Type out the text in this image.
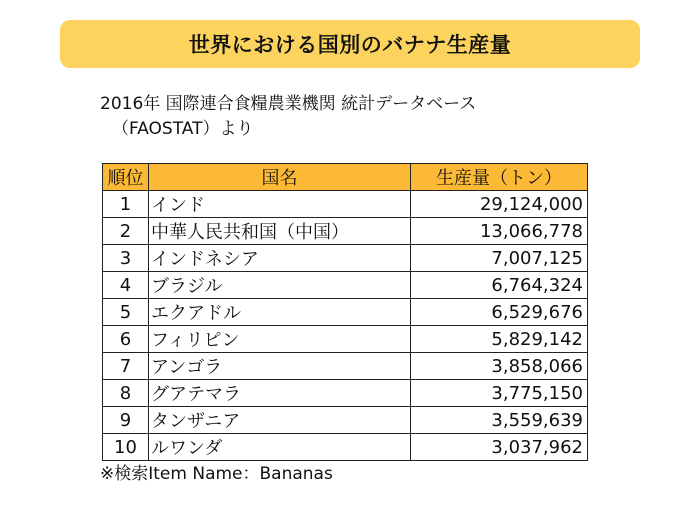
世界における国別のバナナ生産量
2016年 国際連合食糧農業機関 統計データベース
（FAOSTAT）より
順位	国名	生産量（トン）
1	インド	29,124,000
2	中華人民共和国（中国）	13,066,778
3	インドネシア	7,007,125
4	ブラジル	6,764,324
5	エクアドル	6,529,676
6	フィリピン	5,829,142
7	アンゴラ	3,858,066
8	グアテマラ	3,775,150
9	タンザニア	3,559,639
10	ルワンダ	3,037,962
※検索Item Name：Bananas
